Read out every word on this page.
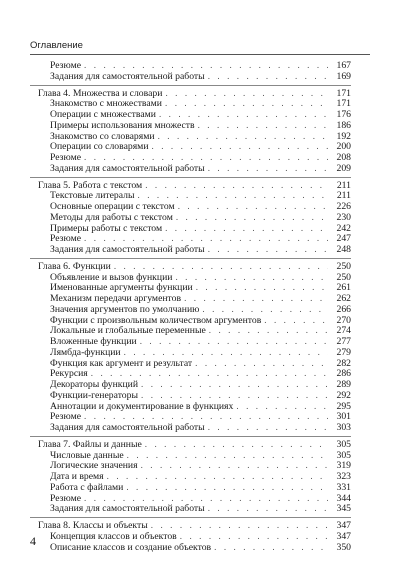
Оглавление
Резюме . . .	167
Задания для самостоятельной работы . . .	169
Глава 4. Множества и словари . . .	171
Знакомство с множествами . . .	171
Операции с множествами . . .	176
Примеры использования множеств . . .	186
Знакомство со словарями . . .	192
Операции со словарями . . .	200
Резюме . . .	208
Задания для самостоятельной работы . . .	209
Глава 5. Работа с текстом . . .	211
Текстовые литералы . . .	211
Основные операции с текстом . . .	226
Методы для работы с текстом . . .	230
Примеры работы с текстом . . .	242
Резюме . . .	247
Задания для самостоятельной работы . . .	248
Глава 6. Функции . . .	250
Объявление и вызов функции . . .	250
Именованные аргументы функции . . .	261
Механизм передачи аргументов . . .	262
Значения аргументов по умолчанию . . .	266
Функции с произвольным количеством аргументов . . .	270
Локальные и глобальные переменные . . .	274
Вложенные функции . . .	277
Лямбда-функции . . .	279
Функция как аргумент и результат . . .	282
Рекурсия . . .	286
Декораторы функций . . .	289
Функции-генераторы . . .	292
Аннотации и документирование в функциях . . .	295
Резюме . . .	301
Задания для самостоятельной работы . . .	303
Глава 7. Файлы и данные . . .	305
Числовые данные . . .	305
Логические значения . . .	319
Дата и время . . .	323
Работа с файлами . . .	331
Резюме . . .	344
Задания для самостоятельной работы . . .	345
Глава 8. Классы и объекты . . .	347
Концепция классов и объектов . . .	347
Описание классов и создание объектов . . .	350
4
